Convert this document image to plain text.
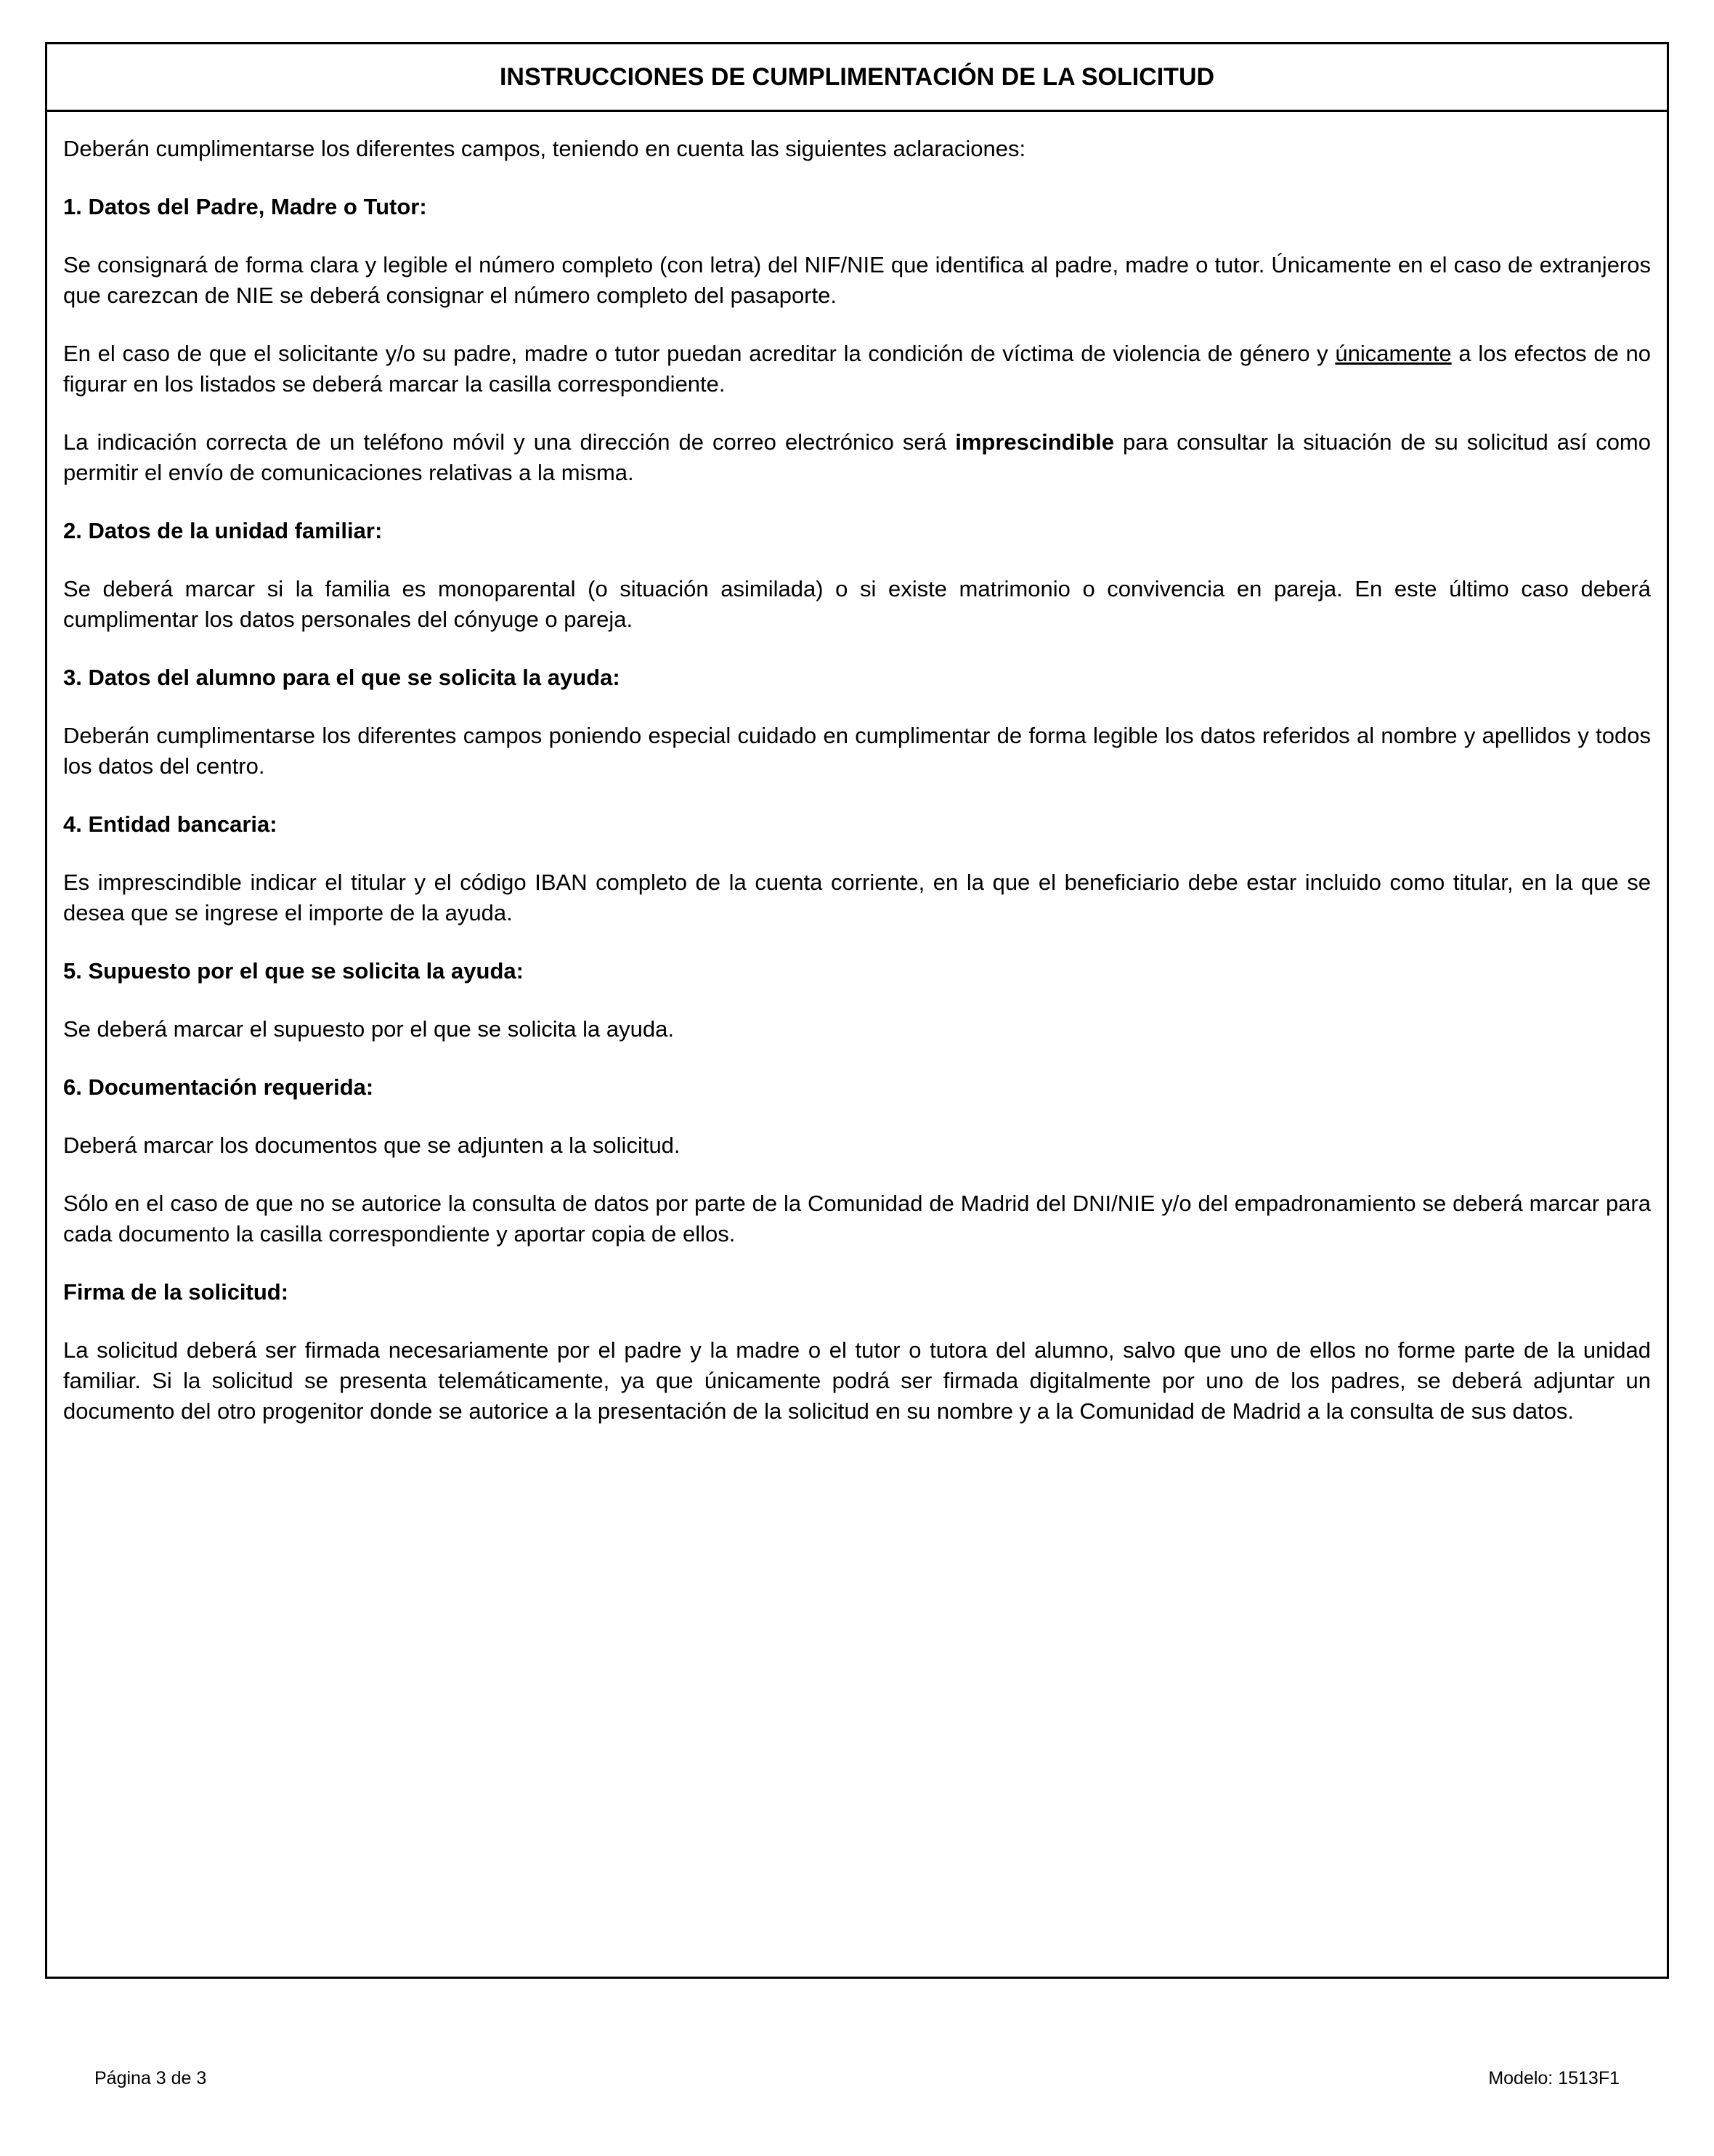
INSTRUCCIONES DE CUMPLIMENTACIÓN DE LA SOLICITUD

Deberán cumplimentarse los diferentes campos, teniendo en cuenta las siguientes aclaraciones:

1. Datos del Padre, Madre o Tutor:

Se consignará de forma clara y legible el número completo (con letra) del NIF/NIE que identifica al padre, madre o tutor. Únicamente en el caso de extranjeros que carezcan de NIE se deberá consignar el número completo del pasaporte.

En el caso de que el solicitante y/o su padre, madre o tutor puedan acreditar la condición de víctima de violencia de género y únicamente a los efectos de no figurar en los listados se deberá marcar la casilla correspondiente.

La indicación correcta de un teléfono móvil y una dirección de correo electrónico será imprescindible para consultar la situación de su solicitud así como permitir el envío de comunicaciones relativas a la misma.

2. Datos de la unidad familiar:

Se deberá marcar si la familia es monoparental (o situación asimilada) o si existe matrimonio o convivencia en pareja. En este último caso deberá cumplimentar los datos personales del cónyuge o pareja.

3. Datos del alumno para el que se solicita la ayuda:

Deberán cumplimentarse los diferentes campos poniendo especial cuidado en cumplimentar de forma legible los datos referidos al nombre y apellidos y todos los datos del centro.

4. Entidad bancaria:

Es imprescindible indicar el titular y el código IBAN completo de la cuenta corriente, en la que el beneficiario debe estar incluido como titular, en la que se desea que se ingrese el importe de la ayuda.

5. Supuesto por el que se solicita la ayuda:

Se deberá marcar el supuesto por el que se solicita la ayuda.

6. Documentación requerida:

Deberá marcar los documentos que se adjunten a la solicitud.

Sólo en el caso de que no se autorice la consulta de datos por parte de la Comunidad de Madrid del DNI/NIE y/o del empadronamiento se deberá marcar para cada documento la casilla correspondiente y aportar copia de ellos.

Firma de la solicitud:

La solicitud deberá ser firmada necesariamente por el padre y la madre o el tutor o tutora del alumno, salvo que uno de ellos no forme parte de la unidad familiar. Si la solicitud se presenta telemáticamente, ya que únicamente podrá ser firmada digitalmente por uno de los padres, se deberá adjuntar un documento del otro progenitor donde se autorice a la presentación de la solicitud en su nombre y a la Comunidad de Madrid a la consulta de sus datos.

Página 3 de 3	Modelo: 1513F1
